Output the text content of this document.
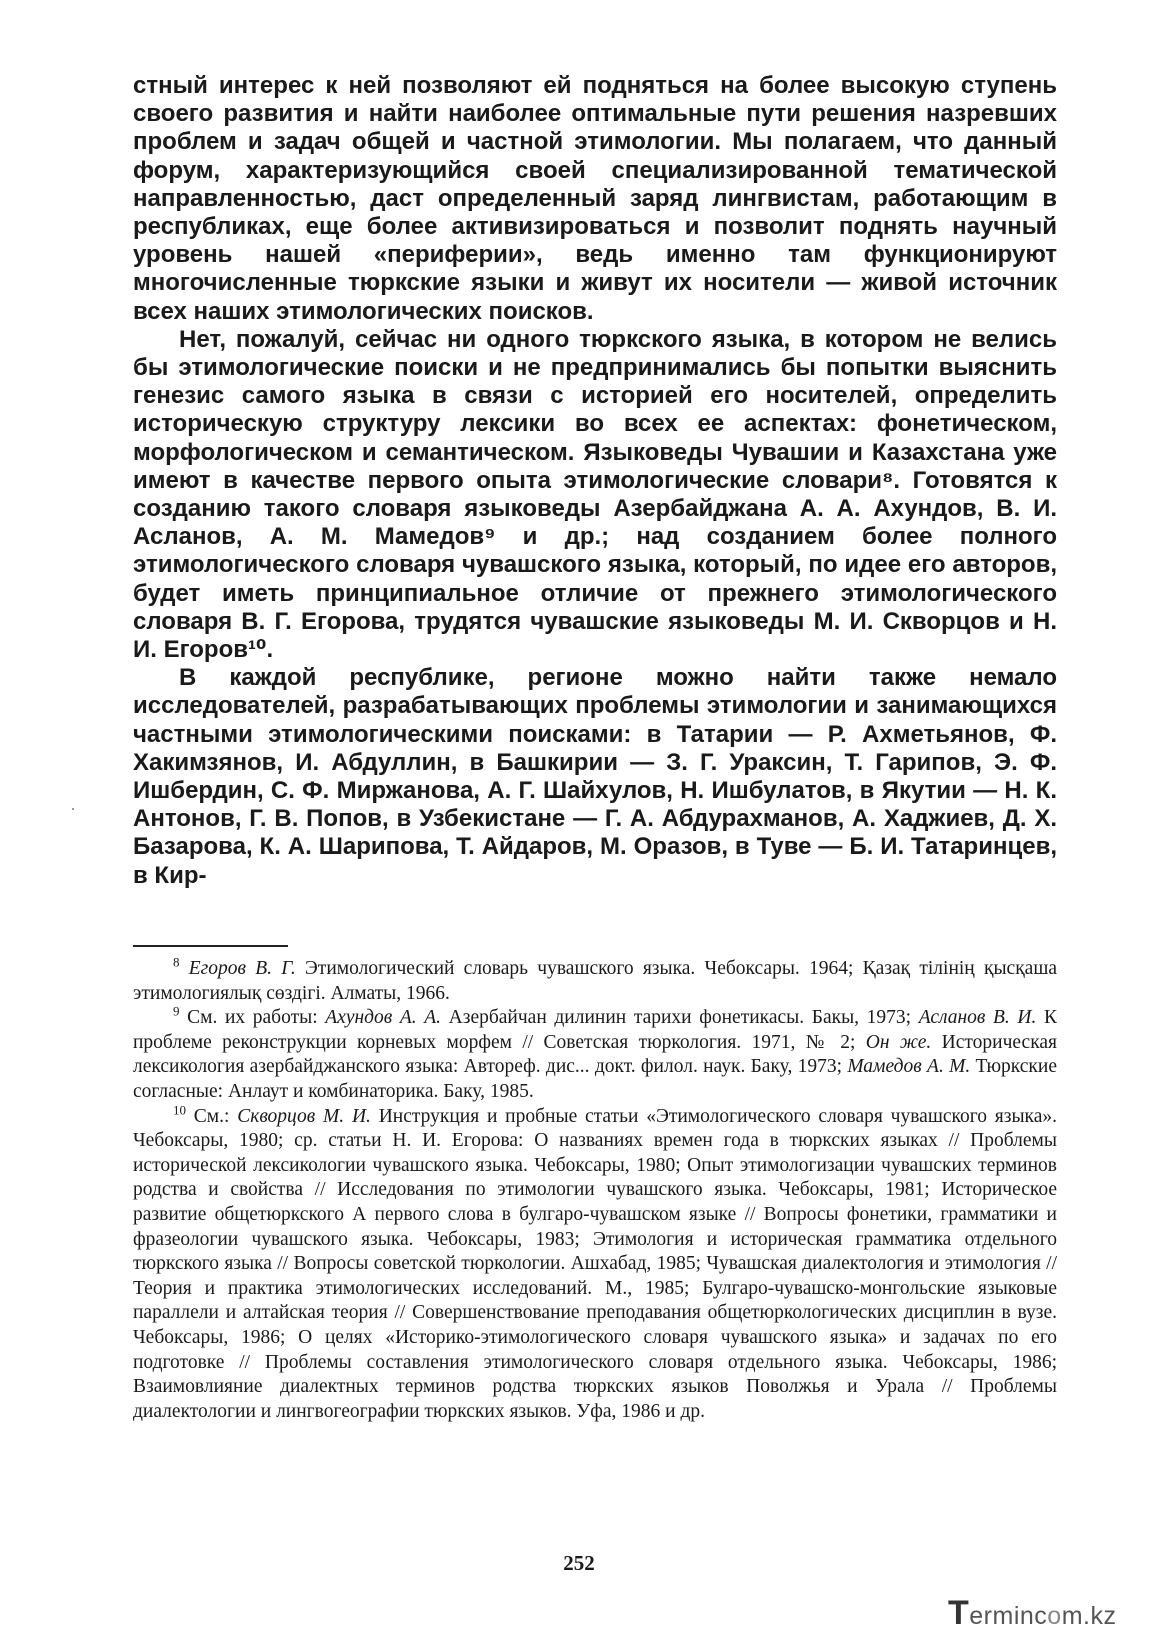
стный интерес к ней позволяют ей подняться на более высокую ступень своего развития и найти наиболее оптимальные пути решения назревших проблем и задач общей и частной этимологии. Мы полагаем, что данный форум, характеризующийся своей специализированной тематической направленностью, даст определенный заряд лингвистам, работающим в республиках, еще более активизироваться и позволит поднять научный уровень нашей «периферии», ведь именно там функционируют многочисленные тюркские языки и живут их носители — живой источник всех наших этимологических поисков.

Нет, пожалуй, сейчас ни одного тюркского языка, в котором не велись бы этимологические поиски и не предпринимались бы попытки выяснить генезис самого языка в связи с историей его носителей, определить историческую структуру лексики во всех ее аспектах: фонетическом, морфологическом и семантическом. Языковеды Чувашии и Казахстана уже имеют в качестве первого опыта этимологические словари⁸. Готовятся к созданию такого словаря языковеды Азербайджана А. А. Ахундов, В. И. Асланов, А. М. Мамедов⁹ и др.; над созданием более полного этимологического словаря чувашского языка, который, по идее его авторов, будет иметь принципиальное отличие от прежнего этимологического словаря В. Г. Егорова, трудятся чувашские языковеды М. И. Скворцов и Н. И. Егоров¹⁰.

В каждой республике, регионе можно найти также немало исследователей, разрабатывающих проблемы этимологии и занимающихся частными этимологическими поисками: в Татарии — Р. Ахметьянов, Ф. Хакимзянов, И. Абдуллин, в Башкирии — З. Г. Ураксин, Т. Гарипов, Э. Ф. Ишбердин, С. Ф. Миржанова, А. Г. Шайхулов, Н. Ишбулатов, в Якутии — Н. К. Антонов, Г. В. Попов, в Узбекистане — Г. А. Абдурахманов, А. Хаджиев, Д. Х. Базарова, К. А. Шарипова, Т. Айдаров, М. Оразов, в Туве — Б. И. Татаринцев, в Кир-

$^8$ Егоров В. Г. Этимологический словарь чувашского языка. Чебоксары. 1964; Қазақ тілінің қысқаша этимологиялық сөздігі. Алматы, 1966.

$^9$ См. их работы: Ахундов А. А. Азербайчан дилинин тарихи фонетикасы. Бакы, 1973; Асланов В. И. К проблеме реконструкции корневых морфем // Советская тюркология. 1971, № 2; Он же. Историческая лексикология азербайджанского языка: Автореф. дис... докт. филол. наук. Баку, 1973; Мамедов А. М. Тюркские согласные: Анлаут и комбинаторика. Баку, 1985.

$^{10}$ См.: Скворцов М. И. Инструкция и пробные статьи «Этимологического словаря чувашского языка». Чебоксары, 1980; ср. статьи Н. И. Егорова: О названиях времен года в тюркских языках // Проблемы исторической лексикологии чувашского языка. Чебоксары, 1980; Опыт этимологизации чувашских терминов родства и свойства // Исследования по этимологии чувашского языка. Чебоксары, 1981; Историческое развитие общетюркского А первого слова в булгаро-чувашском языке // Вопросы фонетики, грамматики и фразеологии чувашского языка. Чебоксары, 1983; Этимология и историческая грамматика отдельного тюркского языка // Вопросы советской тюркологии. Ашхабад, 1985; Чувашская диалектология и этимология // Теория и практика этимологических исследований. М., 1985; Булгаро-чувашско-монгольские языковые параллели и алтайская теория // Совершенствование преподавания общетюркологических дисциплин в вузе. Чебоксары, 1986; О целях «Историко-этимологического словаря чувашского языка» и задачах по его подготовке // Проблемы составления этимологического словаря отдельного языка. Чебоксары, 1986; Взаимовлияние диалектных терминов родства тюркских языков Поволжья и Урала // Проблемы диалектологии и лингвогеографии тюркских языков. Уфа, 1986 и др.

252
Termincom.kz
